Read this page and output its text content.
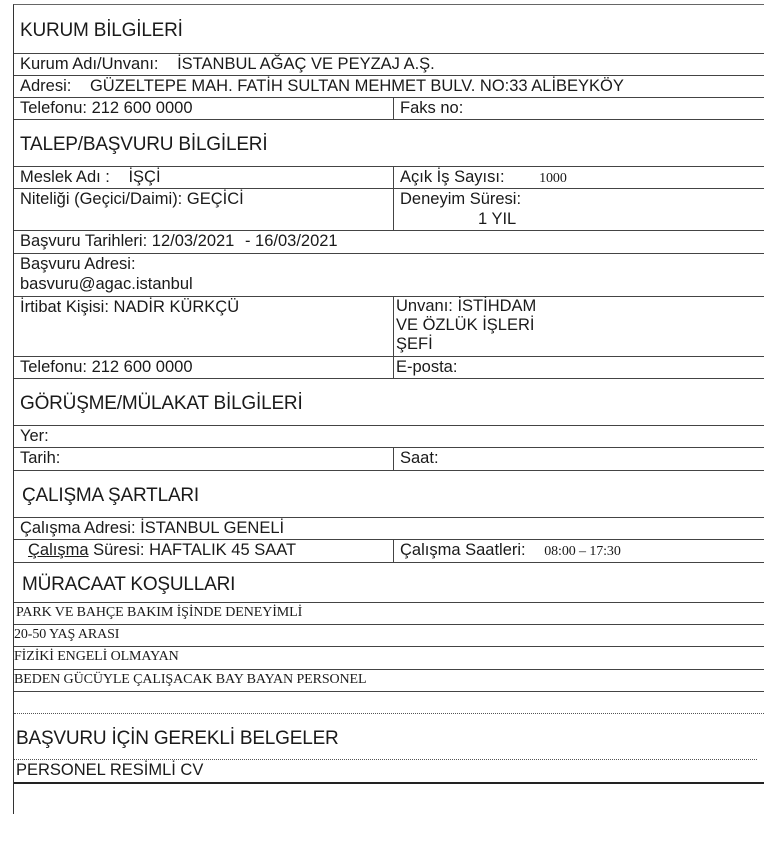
KURUM BİLGİLERİ
Kurum Adı/Unvanı: İSTANBUL AĞAÇ VE PEYZAJ A.Ş.
Adresi: GÜZELTEPE MAH. FATİH SULTAN MEHMET BULV. NO:33 ALİBEYKÖY
Telefonu: 212 600 0000	Faks no:
TALEP/BAŞVURU BİLGİLERİ
Meslek Adı : İŞÇİ	Açık İş Sayısı: 1000
Niteliği (Geçici/Daimi): GEÇİCİ	Deneyim Süresi:
1 YIL
Başvuru Tarihleri: 12/03/2021 - 16/03/2021
Başvuru Adresi:
basvuru@agac.istanbul
İrtibat Kişisi: NADİR KÜRKÇÜ	Unvanı: İSTİHDAM
VE ÖZLÜK İŞLERİ
ŞEFİ
Telefonu: 212 600 0000	E-posta:
GÖRÜŞME/MÜLAKAT BİLGİLERİ
Yer:
Tarih:	Saat:
ÇALIŞMA ŞARTLARI
Çalışma Adresi: İSTANBUL GENELİ
Çalışma Süresi: HAFTALIK 45 SAAT	Çalışma Saatleri: 08:00 – 17:30
MÜRACAAT KOŞULLARI
PARK VE BAHÇE BAKIM İŞİNDE DENEYİMLİ
20-50 YAŞ ARASI
FİZİKİ ENGELİ OLMAYAN
BEDEN GÜCÜYLE ÇALIŞACAK BAY BAYAN PERSONEL
BAŞVURU İÇİN GEREKLİ BELGELER
PERSONEL RESİMLİ CV
